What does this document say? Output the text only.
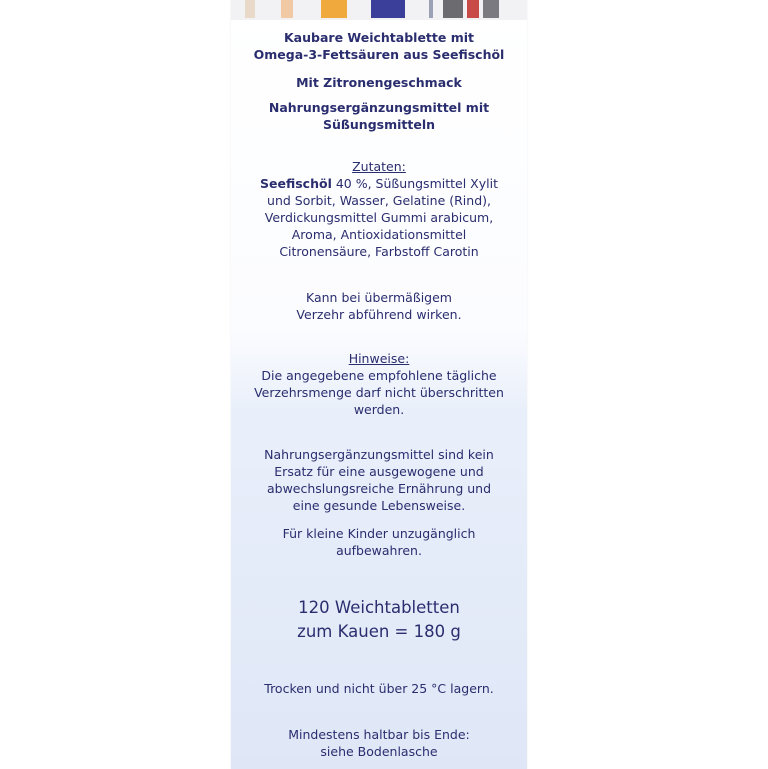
Kaubare Weichtablette mit
Omega-3-Fettsäuren aus Seefischöl
Mit Zitronengeschmack
Nahrungsergänzungsmittel mit
Süßungsmitteln
Zutaten:
Seefischöl 40 %, Süßungsmittel Xylit
und Sorbit, Wasser, Gelatine (Rind),
Verdickungsmittel Gummi arabicum,
Aroma, Antioxidationsmittel
Citronensäure, Farbstoff Carotin
Kann bei übermäßigem
Verzehr abführend wirken.
Hinweise:
Die angegebene empfohlene tägliche
Verzehrsmenge darf nicht überschritten
werden.
Nahrungsergänzungsmittel sind kein
Ersatz für eine ausgewogene und
abwechslungsreiche Ernährung und
eine gesunde Lebensweise.
Für kleine Kinder unzugänglich
aufbewahren.
120 Weichtabletten
zum Kauen = 180 g
Trocken und nicht über 25 °C lagern.
Mindestens haltbar bis Ende:
siehe Bodenlasche
